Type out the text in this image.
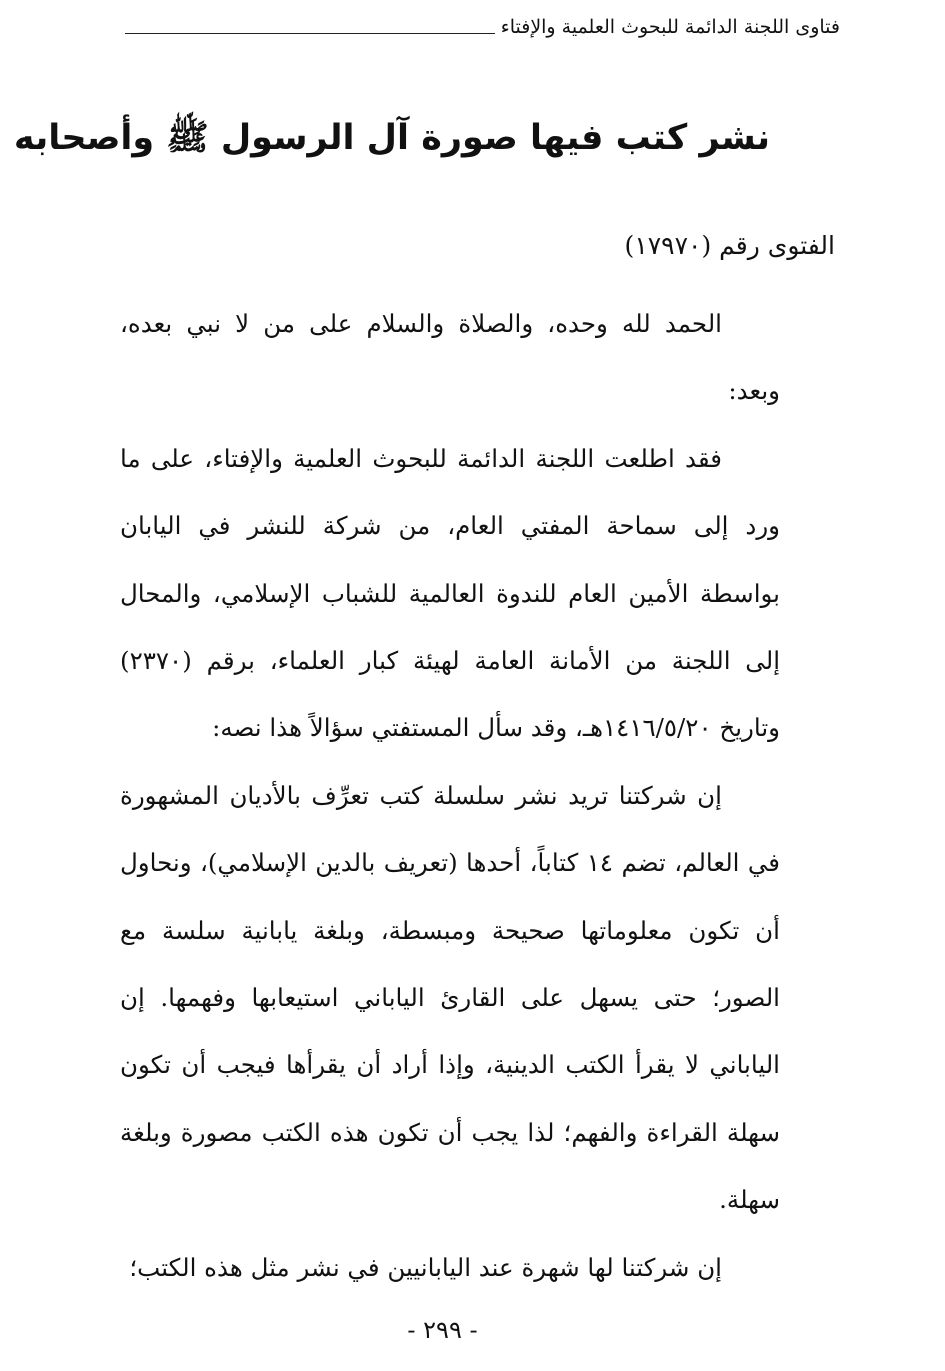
فتاوى اللجنة الدائمة للبحوث العلمية والإفتاء
نشر كتب فيها صورة آل الرسول ﷺ وأصحابه
الفتوى رقم (١٧٩٧٠)

الحمد لله وحده، والصلاة والسلام على من لا نبي بعده، وبعد:

فقد اطلعت اللجنة الدائمة للبحوث العلمية والإفتاء، على ما ورد إلى سماحة المفتي العام، من شركة للنشر في اليابان بواسطة الأمين العام للندوة العالمية للشباب الإسلامي، والمحال إلى اللجنة من الأمانة العامة لهيئة كبار العلماء، برقم (٢٣٧٠) وتاريخ ١٤١٦/٥/٢٠هـ، وقد سأل المستفتي سؤالاً هذا نصه:

إن شركتنا تريد نشر سلسلة كتب تعرِّف بالأديان المشهورة في العالم، تضم ١٤ كتاباً، أحدها (تعريف بالدين الإسلامي)، ونحاول أن تكون معلوماتها صحيحة ومبسطة، وبلغة يابانية سلسة مع الصور؛ حتى يسهل على القارئ الياباني استيعابها وفهمها. إن الياباني لا يقرأ الكتب الدينية، وإذا أراد أن يقرأها فيجب أن تكون سهلة القراءة والفهم؛ لذا يجب أن تكون هذه الكتب مصورة وبلغة سهلة.

إن شركتنا لها شهرة عند اليابانيين في نشر مثل هذه الكتب؛

- ٢٩٩ -
